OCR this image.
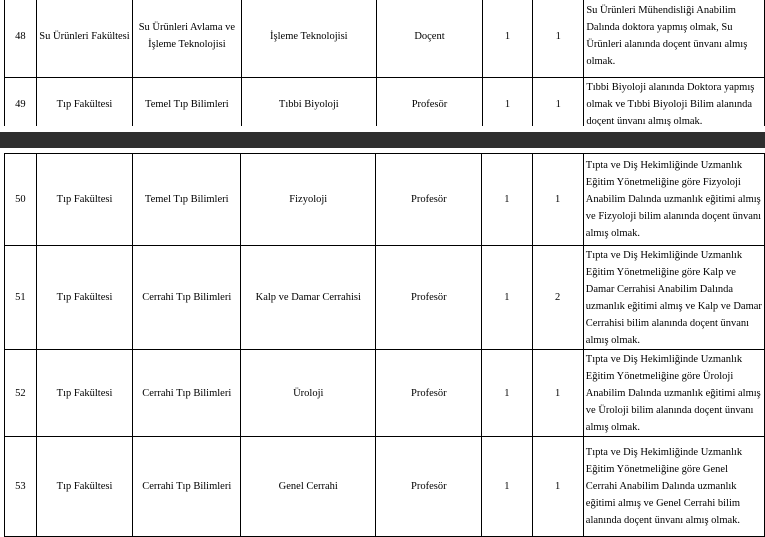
48	Su Ürünleri Fakültesi	Su Ürünleri Avlama ve İşleme Teknolojisi	İşleme Teknolojisi	Doçent	1	1	Su Ürünleri Mühendisliği Anabilim Dalında doktora yapmış olmak, Su Ürünleri alanında doçent ünvanı almış olmak.
49	Tıp Fakültesi	Temel Tıp Bilimleri	Tıbbi Biyoloji	Profesör	1	1	Tıbbi Biyoloji alanında Doktora yapmış olmak ve Tıbbi Biyoloji Bilim alanında doçent ünvanı almış olmak.
50	Tıp Fakültesi	Temel Tıp Bilimleri	Fizyoloji	Profesör	1	1	Tıpta ve Diş Hekimliğinde Uzmanlık Eğitim Yönetmeliğine göre Fizyoloji Anabilim Dalında uzmanlık eğitimi almış ve Fizyoloji bilim alanında doçent ünvanı almış olmak.
51	Tıp Fakültesi	Cerrahi Tıp Bilimleri	Kalp ve Damar Cerrahisi	Profesör	1	2	Tıpta ve Diş Hekimliğinde Uzmanlık Eğitim Yönetmeliğine göre Kalp ve Damar Cerrahisi Anabilim Dalında uzmanlık eğitimi almış ve Kalp ve Damar Cerrahisi bilim alanında doçent ünvanı almış olmak.
52	Tıp Fakültesi	Cerrahi Tıp Bilimleri	Üroloji	Profesör	1	1	Tıpta ve Diş Hekimliğinde Uzmanlık Eğitim Yönetmeliğine göre Üroloji Anabilim Dalında uzmanlık eğitimi almış ve Üroloji bilim alanında doçent ünvanı almış olmak.
53	Tıp Fakültesi	Cerrahi Tıp Bilimleri	Genel Cerrahi	Profesör	1	1	Tıpta ve Diş Hekimliğinde Uzmanlık Eğitim Yönetmeliğine göre Genel Cerrahi Anabilim Dalında uzmanlık eğitimi almış ve Genel Cerrahi bilim alanında doçent ünvanı almış olmak.
